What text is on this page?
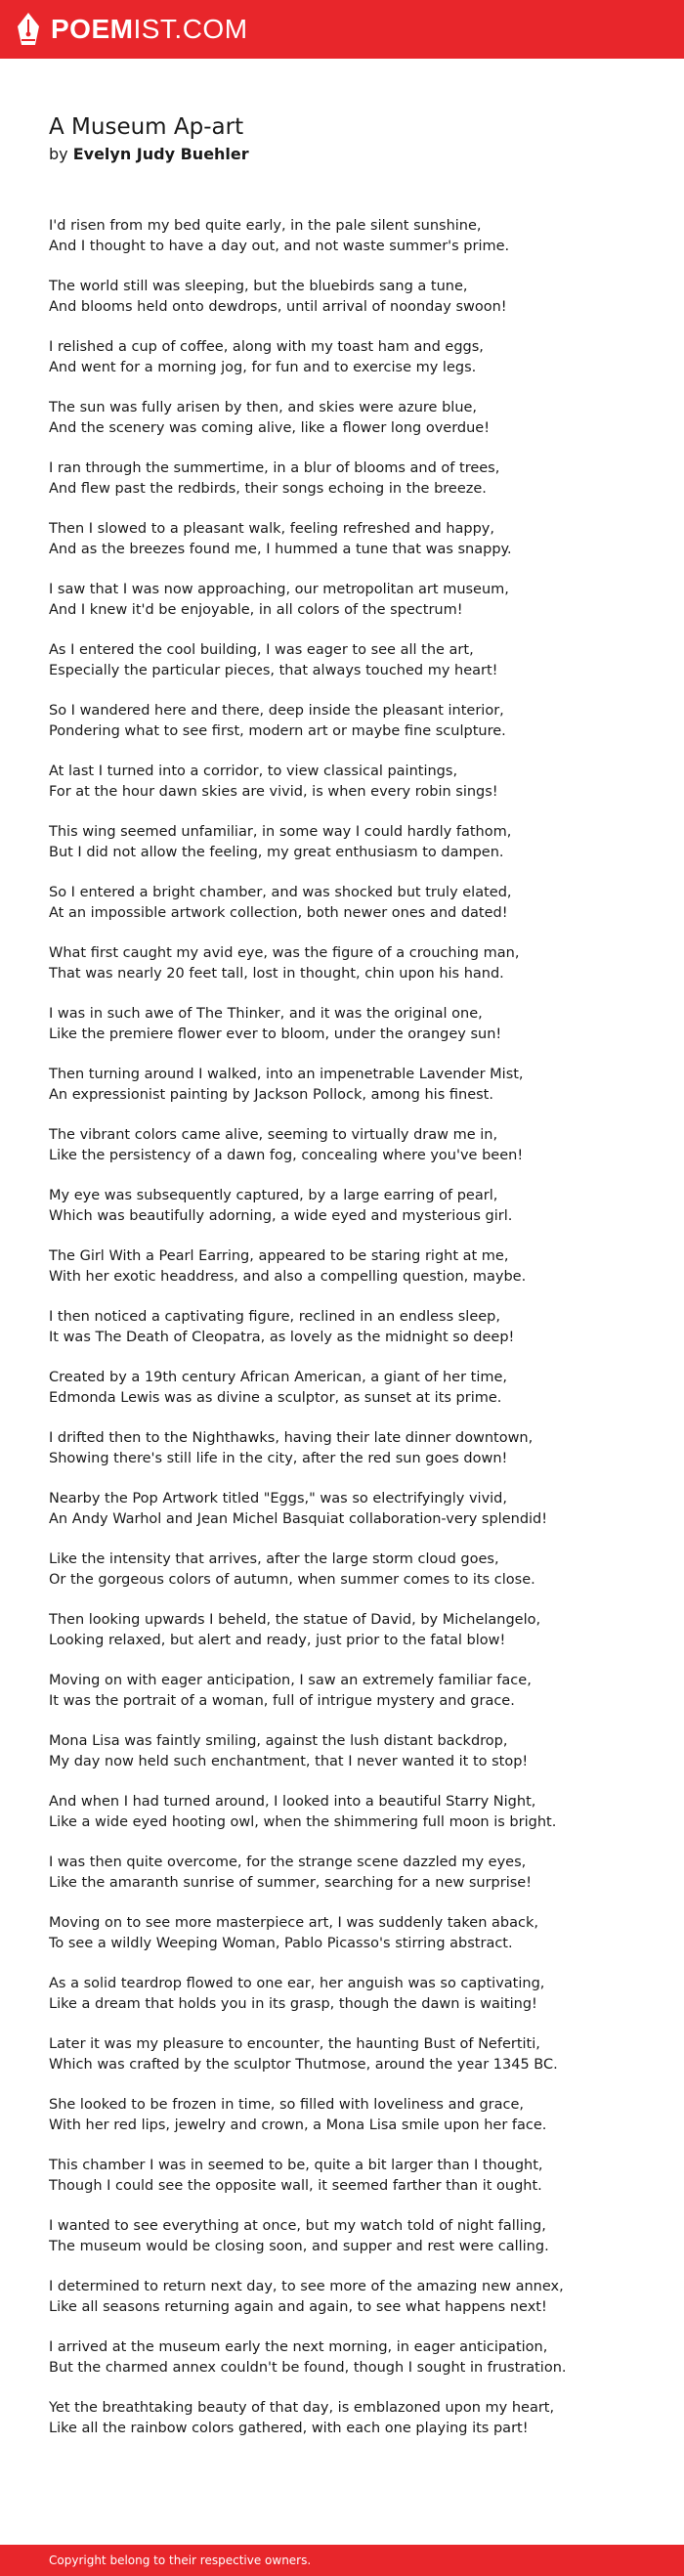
POEMIST.COM
A Museum Ap-art
by Evelyn Judy Buehler
I'd risen from my bed quite early, in the pale silent sunshine,
And I thought to have a day out, and not waste summer's prime.
The world still was sleeping, but the bluebirds sang a tune,
And blooms held onto dewdrops, until arrival of noonday swoon!
I relished a cup of coffee, along with my toast ham and eggs,
And went for a morning jog, for fun and to exercise my legs.
The sun was fully arisen by then, and skies were azure blue,
And the scenery was coming alive, like a flower long overdue!
I ran through the summertime, in a blur of blooms and of trees,
And flew past the redbirds, their songs echoing in the breeze.
Then I slowed to a pleasant walk, feeling refreshed and happy,
And as the breezes found me, I hummed a tune that was snappy.
I saw that I was now approaching, our metropolitan art museum,
And I knew it'd be enjoyable, in all colors of the spectrum!
As I entered the cool building, I was eager to see all the art,
Especially the particular pieces, that always touched my heart!
So I wandered here and there, deep inside the pleasant interior,
Pondering what to see first, modern art or maybe fine sculpture.
At last I turned into a corridor, to view classical paintings,
For at the hour dawn skies are vivid, is when every robin sings!
This wing seemed unfamiliar, in some way I could hardly fathom,
But I did not allow the feeling, my great enthusiasm to dampen.
So I entered a bright chamber, and was shocked but truly elated,
At an impossible artwork collection, both newer ones and dated!
What first caught my avid eye, was the figure of a crouching man,
That was nearly 20 feet tall, lost in thought, chin upon his hand.
I was in such awe of The Thinker, and it was the original one,
Like the premiere flower ever to bloom, under the orangey sun!
Then turning around I walked, into an impenetrable Lavender Mist,
An expressionist painting by Jackson Pollock, among his finest.
The vibrant colors came alive, seeming to virtually draw me in,
Like the persistency of a dawn fog, concealing where you've been!
My eye was subsequently captured, by a large earring of pearl,
Which was beautifully adorning, a wide eyed and mysterious girl.
The Girl With a Pearl Earring, appeared to be staring right at me,
With her exotic headdress, and also a compelling question, maybe.
I then noticed a captivating figure, reclined in an endless sleep,
It was The Death of Cleopatra, as lovely as the midnight so deep!
Created by a 19th century African American, a giant of her time,
Edmonda Lewis was as divine a sculptor, as sunset at its prime.
I drifted then to the Nighthawks, having their late dinner downtown,
Showing there's still life in the city, after the red sun goes down!
Nearby the Pop Artwork titled "Eggs," was so electrifyingly vivid,
An Andy Warhol and Jean Michel Basquiat collaboration-very splendid!
Like the intensity that arrives, after the large storm cloud goes,
Or the gorgeous colors of autumn, when summer comes to its close.
Then looking upwards I beheld, the statue of David, by Michelangelo,
Looking relaxed, but alert and ready, just prior to the fatal blow!
Moving on with eager anticipation, I saw an extremely familiar face,
It was the portrait of a woman, full of intrigue mystery and grace.
Mona Lisa was faintly smiling, against the lush distant backdrop,
My day now held such enchantment, that I never wanted it to stop!
And when I had turned around, I looked into a beautiful Starry Night,
Like a wide eyed hooting owl, when the shimmering full moon is bright.
I was then quite overcome, for the strange scene dazzled my eyes,
Like the amaranth sunrise of summer, searching for a new surprise!
Moving on to see more masterpiece art, I was suddenly taken aback,
To see a wildly Weeping Woman, Pablo Picasso's stirring abstract.
As a solid teardrop flowed to one ear, her anguish was so captivating,
Like a dream that holds you in its grasp, though the dawn is waiting!
Later it was my pleasure to encounter, the haunting Bust of Nefertiti,
Which was crafted by the sculptor Thutmose, around the year 1345 BC.
She looked to be frozen in time, so filled with loveliness and grace,
With her red lips, jewelry and crown, a Mona Lisa smile upon her face.
This chamber I was in seemed to be, quite a bit larger than I thought,
Though I could see the opposite wall, it seemed farther than it ought.
I wanted to see everything at once, but my watch told of night falling,
The museum would be closing soon, and supper and rest were calling.
I determined to return next day, to see more of the amazing new annex,
Like all seasons returning again and again, to see what happens next!
I arrived at the museum early the next morning, in eager anticipation,
But the charmed annex couldn't be found, though I sought in frustration.
Yet the breathtaking beauty of that day, is emblazoned upon my heart,
Like all the rainbow colors gathered, with each one playing its part!
Copyright belong to their respective owners.
